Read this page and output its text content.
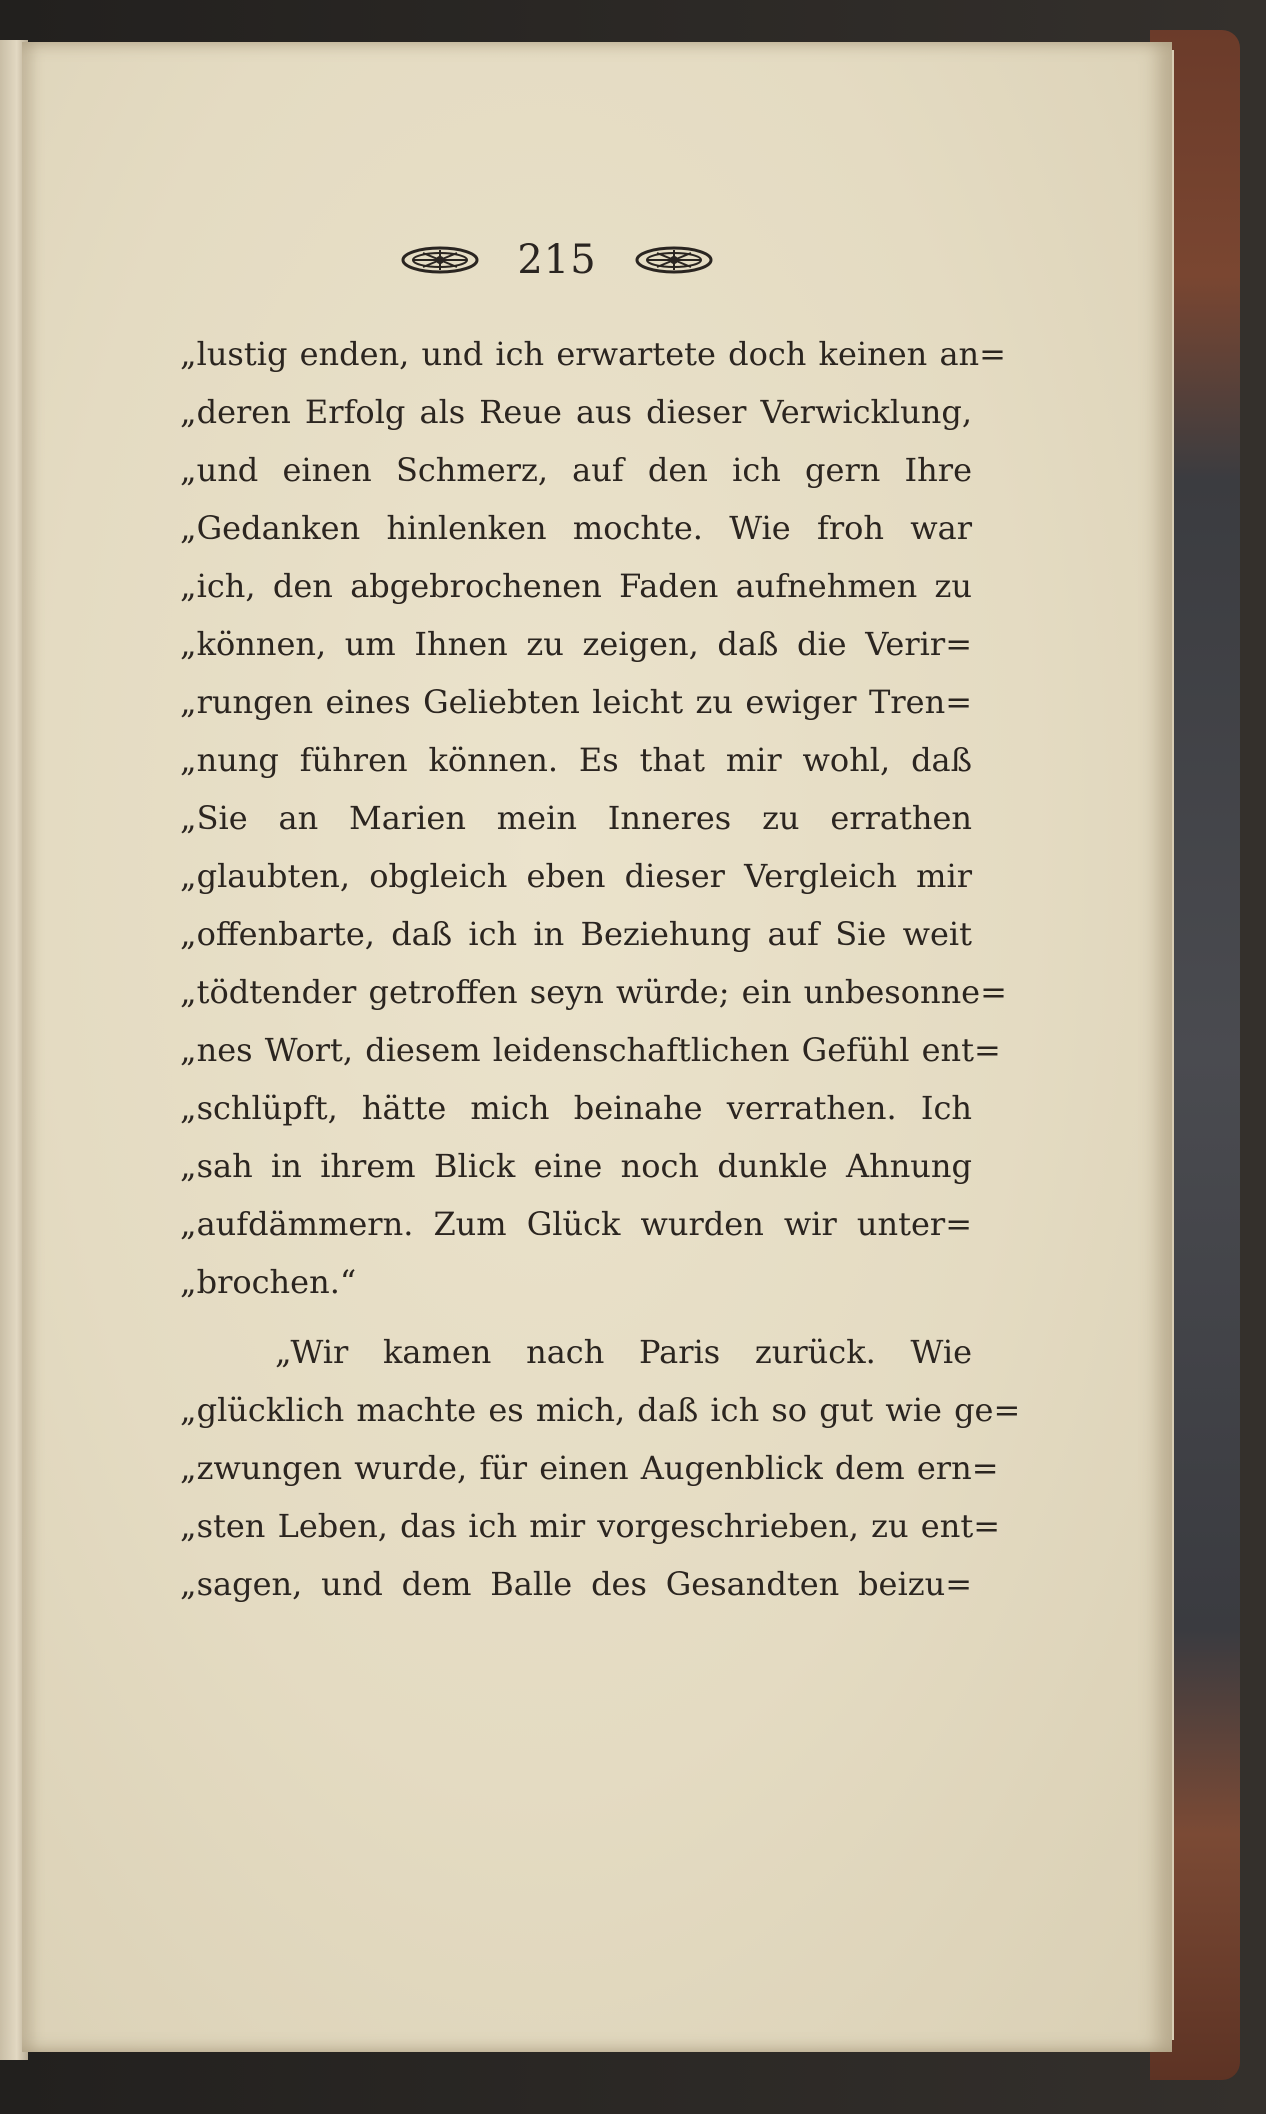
215
„lustig enden, und ich erwartete doch keinen an=
„deren Erfolg als Reue aus dieser Verwicklung,
„und einen Schmerz, auf den ich gern Ihre
„Gedanken hinlenken mochte. Wie froh war
„ich, den abgebrochenen Faden aufnehmen zu
„können, um Ihnen zu zeigen, daß die Verir=
„rungen eines Geliebten leicht zu ewiger Tren=
„nung führen können. Es that mir wohl, daß
„Sie an Marien mein Inneres zu errathen
„glaubten, obgleich eben dieser Vergleich mir
„offenbarte, daß ich in Beziehung auf Sie weit
„tödtender getroffen seyn würde; ein unbesonne=
„nes Wort, diesem leidenschaftlichen Gefühl ent=
„schlüpft, hätte mich beinahe verrathen. Ich
„sah in ihrem Blick eine noch dunkle Ahnung
„aufdämmern. Zum Glück wurden wir unter=
„brochen.“
„Wir kamen nach Paris zurück. Wie
„glücklich machte es mich, daß ich so gut wie ge=
„zwungen wurde, für einen Augenblick dem ern=
„sten Leben, das ich mir vorgeschrieben, zu ent=
„sagen, und dem Balle des Gesandten beizu=
